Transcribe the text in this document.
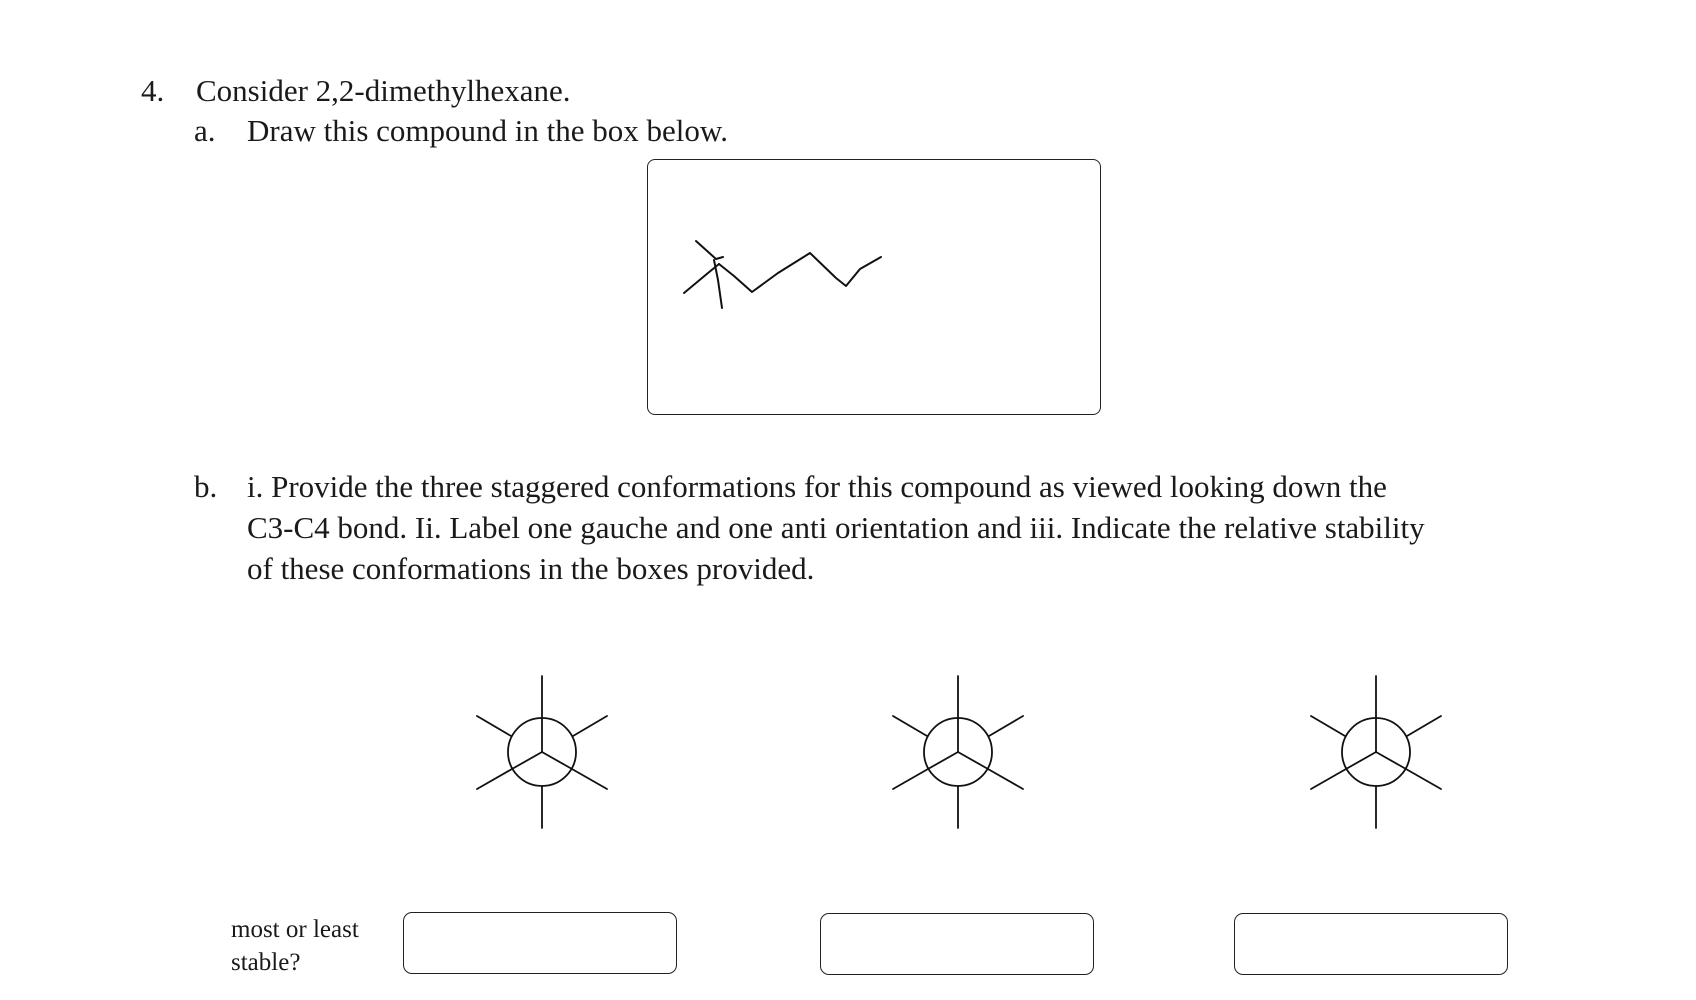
4. Consider 2,2-dimethylhexane.
a. Draw this compound in the box below.
b. i. Provide the three staggered conformations for this compound as viewed looking down the
C3-C4 bond. Ii. Label one gauche and one anti orientation and iii. Indicate the relative stability
of these conformations in the boxes provided.
most or least
stable?
